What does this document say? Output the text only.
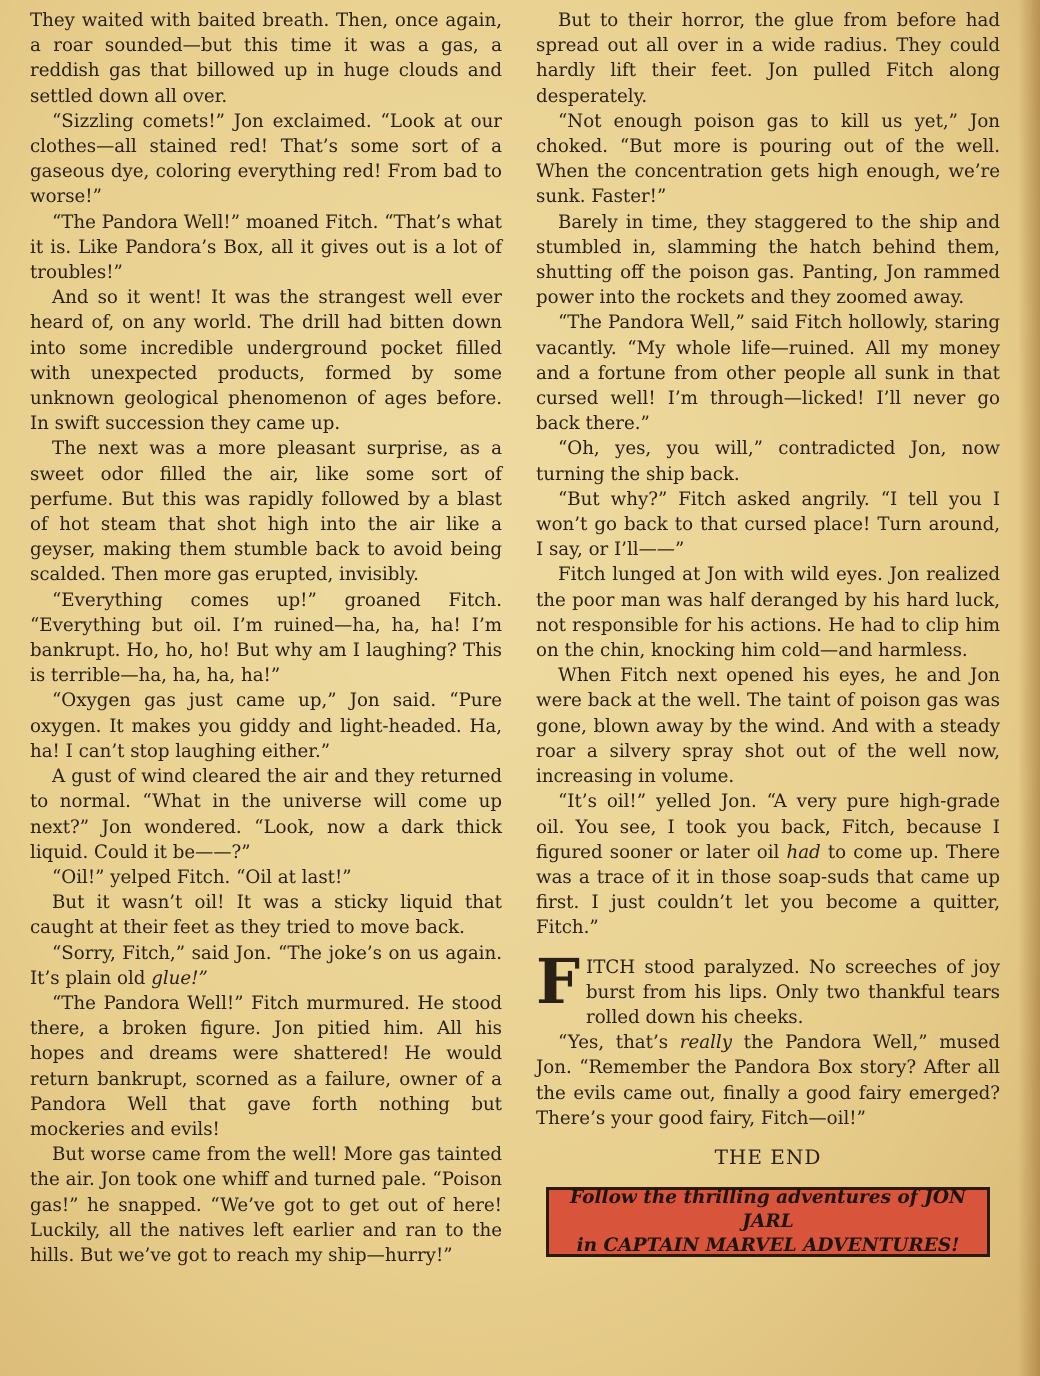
They waited with baited breath. Then, once again, a roar sounded—but this time it was a gas, a reddish gas that billowed up in huge clouds and settled down all over.

“Sizzling comets!” Jon exclaimed. “Look at our clothes—all stained red! That’s some sort of a gaseous dye, coloring everything red! From bad to worse!”

“The Pandora Well!” moaned Fitch. “That’s what it is. Like Pandora’s Box, all it gives out is a lot of troubles!”

And so it went! It was the strangest well ever heard of, on any world. The drill had bitten down into some incredible underground pocket filled with unexpected products, formed by some unknown geological phenomenon of ages before. In swift succession they came up.

The next was a more pleasant surprise, as a sweet odor filled the air, like some sort of perfume. But this was rapidly followed by a blast of hot steam that shot high into the air like a geyser, making them stumble back to avoid being scalded. Then more gas erupted, invisibly.

“Everything comes up!” groaned Fitch. “Everything but oil. I’m ruined—ha, ha, ha! I’m bankrupt. Ho, ho, ho! But why am I laughing? This is terrible—ha, ha, ha, ha!”

“Oxygen gas just came up,” Jon said. “Pure oxygen. It makes you giddy and light-headed. Ha, ha! I can’t stop laughing either.”

A gust of wind cleared the air and they returned to normal. “What in the universe will come up next?” Jon wondered. “Look, now a dark thick liquid. Could it be——?”

“Oil!” yelped Fitch. “Oil at last!”

But it wasn’t oil! It was a sticky liquid that caught at their feet as they tried to move back.

“Sorry, Fitch,” said Jon. “The joke’s on us again. It’s plain old glue!”

“The Pandora Well!” Fitch murmured. He stood there, a broken figure. Jon pitied him. All his hopes and dreams were shattered! He would return bankrupt, scorned as a failure, owner of a Pandora Well that gave forth nothing but mockeries and evils!

But worse came from the well! More gas tainted the air. Jon took one whiff and turned pale. “Poison gas!” he snapped. “We’ve got to get out of here! Luckily, all the natives left earlier and ran to the hills. But we’ve got to reach my ship—hurry!”

But to their horror, the glue from before had spread out all over in a wide radius. They could hardly lift their feet. Jon pulled Fitch along desperately.

“Not enough poison gas to kill us yet,” Jon choked. “But more is pouring out of the well. When the concentration gets high enough, we’re sunk. Faster!”

Barely in time, they staggered to the ship and stumbled in, slamming the hatch behind them, shutting off the poison gas. Panting, Jon rammed power into the rockets and they zoomed away.

“The Pandora Well,” said Fitch hollowly, staring vacantly. “My whole life—ruined. All my money and a fortune from other people all sunk in that cursed well! I’m through—licked! I’ll never go back there.”

“Oh, yes, you will,” contradicted Jon, now turning the ship back.

“But why?” Fitch asked angrily. “I tell you I won’t go back to that cursed place! Turn around, I say, or I’ll——”

Fitch lunged at Jon with wild eyes. Jon realized the poor man was half deranged by his hard luck, not responsible for his actions. He had to clip him on the chin, knocking him cold—and harmless.

When Fitch next opened his eyes, he and Jon were back at the well. The taint of poison gas was gone, blown away by the wind. And with a steady roar a silvery spray shot out of the well now, increasing in volume.

“It’s oil!” yelled Jon. “A very pure high-grade oil. You see, I took you back, Fitch, because I figured sooner or later oil had to come up. There was a trace of it in those soap-suds that came up first. I just couldn’t let you become a quitter, Fitch.”

FITCH stood paralyzed. No screeches of joy burst from his lips. Only two thankful tears rolled down his cheeks.

“Yes, that’s really the Pandora Well,” mused Jon. “Remember the Pandora Box story? After all the evils came out, finally a good fairy emerged? There’s your good fairy, Fitch—oil!”

THE END
Follow the thrilling adventures of JON JARL
in CAPTAIN MARVEL ADVENTURES!
